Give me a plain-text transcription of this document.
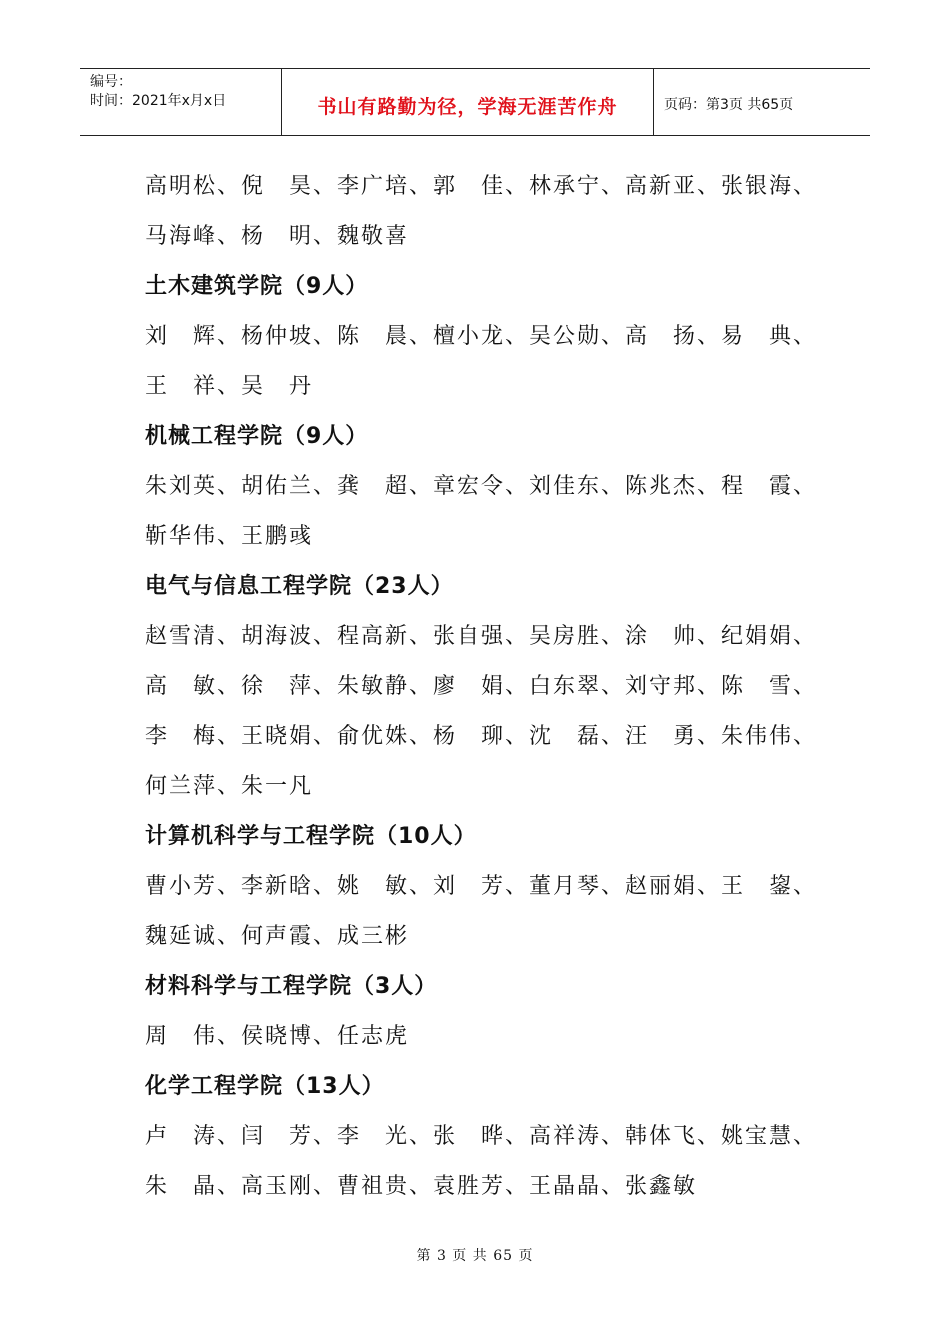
编号：
时间：2021年x月x日	书山有路勤为径，学海无涯苦作舟	页码：第3页 共65页
高明松、倪　昊、李广培、郭　佳、林承宁、高新亚、张银海、
马海峰、杨　明、魏敬喜
土木建筑学院（9人）
刘　辉、杨仲坡、陈　晨、檀小龙、吴公勋、高　扬、易　典、
王　祥、吴　丹
机械工程学院（9人）
朱刘英、胡佑兰、龚　超、章宏令、刘佳东、陈兆杰、程　霞、
靳华伟、王鹏彧
电气与信息工程学院（23人）
赵雪清、胡海波、程高新、张自强、吴房胜、涂　帅、纪娟娟、
高　敏、徐　萍、朱敏静、廖　娟、白东翠、刘守邦、陈　雪、
李　梅、王晓娟、俞优姝、杨　珋、沈　磊、汪　勇、朱伟伟、
何兰萍、朱一凡
计算机科学与工程学院（10人）
曹小芳、李新晗、姚　敏、刘　芳、董月琴、赵丽娟、王　鋆、
魏延诚、何声霞、成三彬
材料科学与工程学院（3人）
周　伟、侯晓博、任志虎
化学工程学院（13人）
卢　涛、闫　芳、李　光、张　晔、高祥涛、韩体飞、姚宝慧、
朱　晶、高玉刚、曹祖贵、袁胜芳、王晶晶、张鑫敏
第 3 页 共 65 页
